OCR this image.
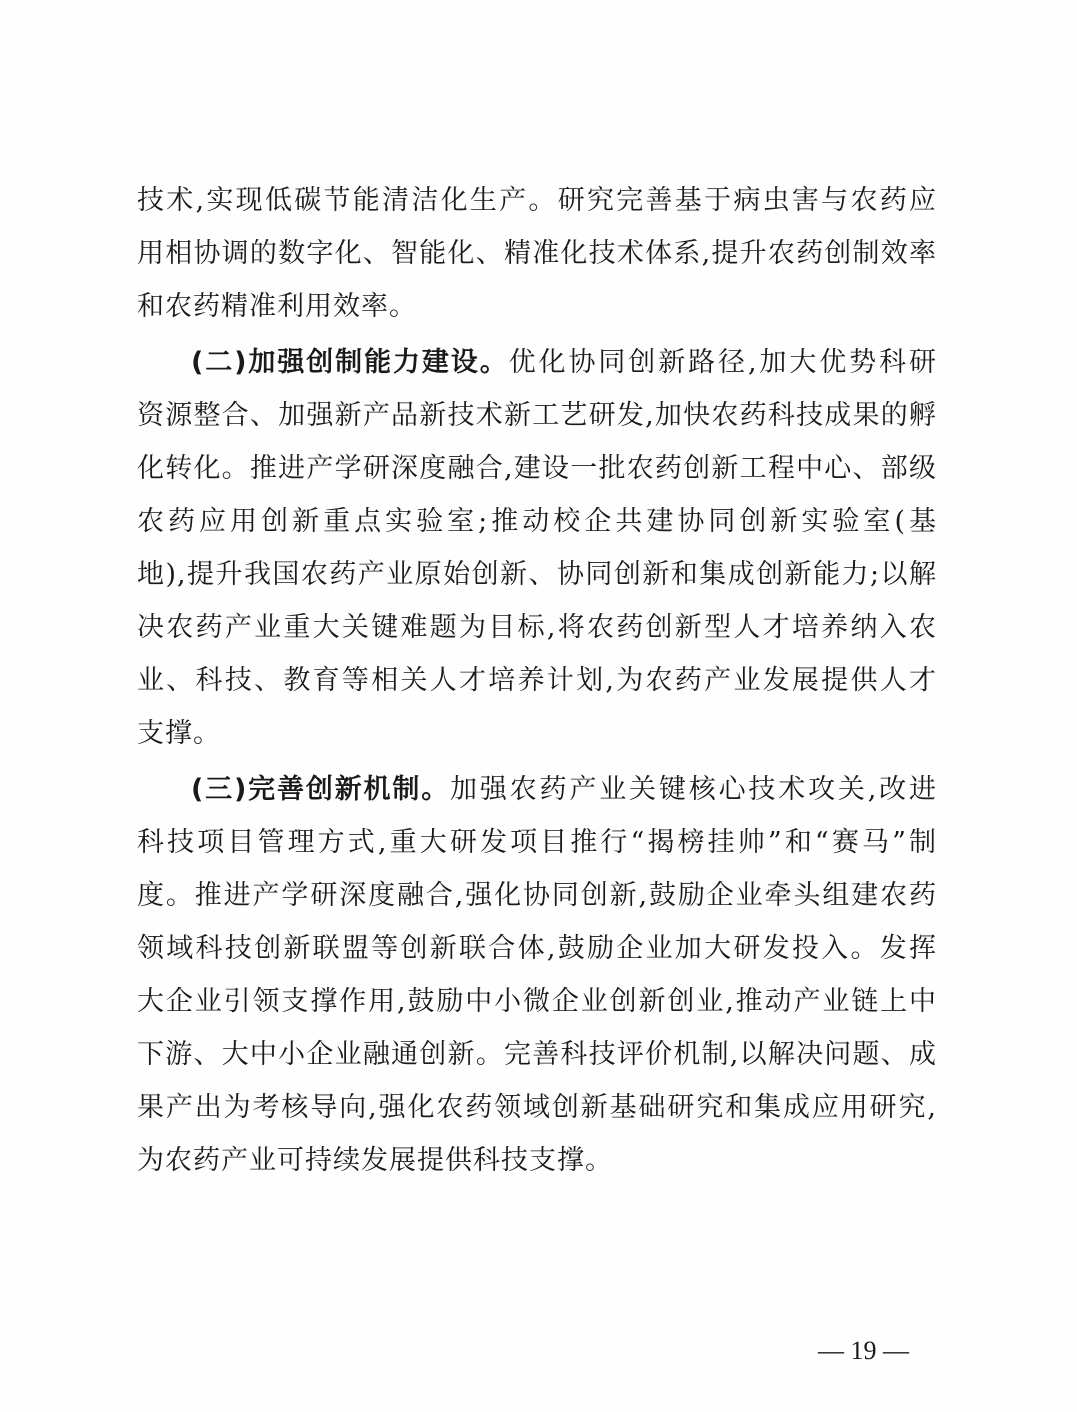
技术,实现低碳节能清洁化生产。研究完善基于病虫害与农药应
用相协调的数字化、智能化、精准化技术体系,提升农药创制效率
和农药精准利用效率。
(二)加强创制能力建设。优化协同创新路径,加大优势科研
资源整合、加强新产品新技术新工艺研发,加快农药科技成果的孵
化转化。推进产学研深度融合,建设一批农药创新工程中心、部级
农药应用创新重点实验室;推动校企共建协同创新实验室(基
地),提升我国农药产业原始创新、协同创新和集成创新能力;以解
决农药产业重大关键难题为目标,将农药创新型人才培养纳入农
业、科技、教育等相关人才培养计划,为农药产业发展提供人才
支撑。
(三)完善创新机制。加强农药产业关键核心技术攻关,改进
科技项目管理方式,重大研发项目推行“揭榜挂帅”和“赛马”制
度。推进产学研深度融合,强化协同创新,鼓励企业牵头组建农药
领域科技创新联盟等创新联合体,鼓励企业加大研发投入。发挥
大企业引领支撑作用,鼓励中小微企业创新创业,推动产业链上中
下游、大中小企业融通创新。完善科技评价机制,以解决问题、成
果产出为考核导向,强化农药领域创新基础研究和集成应用研究,
为农药产业可持续发展提供科技支撑。
— 19 —
